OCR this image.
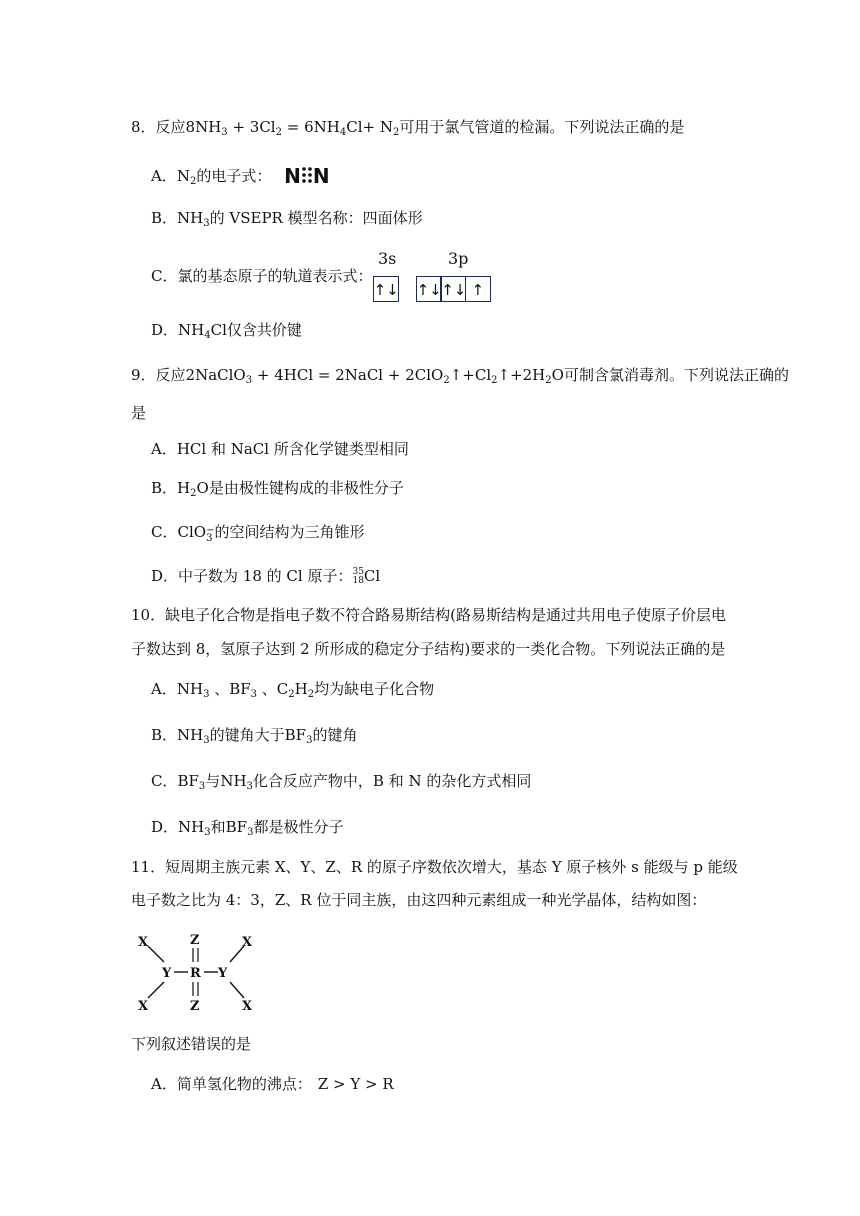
8．反应$8NH_3 + 3Cl_2 = 6NH_4Cl+ N_2$可用于氯气管道的检漏。下列说法正确的是
A．$N_2$的电子式： N N
B．$NH_3$的 VSEPR 模型名称：四面体形
C．氯的基态原子的轨道表示式：
3s	3p
↑↓ ↑↓↑↓ ↑
D．$NH_4Cl$仅含共价键
9．反应2NaClO$_3$ + 4HCl = 2NaCl + $2ClO_2↑+Cl_2↑+2H_2O$可制含氯消毒剂。下列说法正确的
是
A．HCl 和 NaCl 所含化学键类型相同
B．$H_2O$是由极性键构成的非极性分子
C．ClO −
3 的空间结构为三角锥形
D．中子数为 18 的 Cl 原子： 35
18 Cl
10．缺电子化合物是指电子数不符合路易斯结构(路易斯结构是通过共用电子使原子价层电
子数达到 8，氢原子达到 2 所形成的稳定分子结构)要求的一类化合物。下列说法正确的是
A．$NH_3$ 、$BF_3$ 、$C_2H_2$均为缺电子化合物
B．$NH_3$的键角大于$BF_3$的键角
C．$BF_3$与$NH_3$化合反应产物中，B 和 N 的杂化方式相同
D．$NH_3$和$BF_3$都是极性分子
11．短周期主族元素 X、Y、Z、R 的原子序数依次增大，基态 Y 原子核外 s 能级与 p 能级
电子数之比为 4：3，Z、R 位于同主族，由这四种元素组成一种光学晶体，结构如图：
X
X
Y R Y
Z
Z
X
X
下列叙述错误的是
A．简单氢化物的沸点： Z > Y > R
